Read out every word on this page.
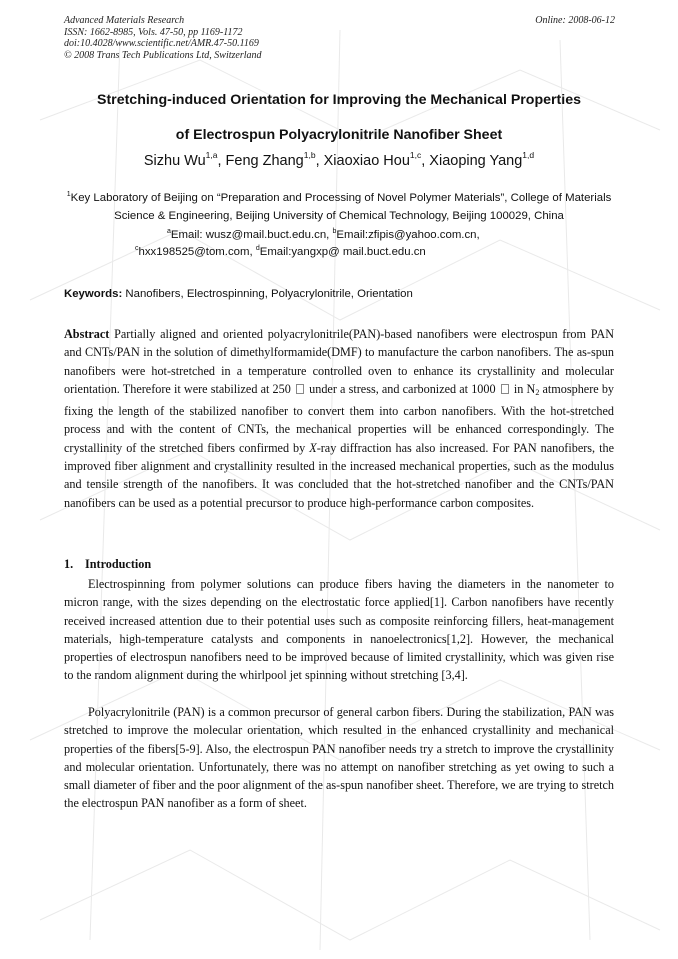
Advanced Materials Research
ISSN: 1662-8985, Vols. 47-50, pp 1169-1172
doi:10.4028/www.scientific.net/AMR.47-50.1169
© 2008 Trans Tech Publications Ltd, Switzerland
Online: 2008-06-12
Stretching-induced Orientation for Improving the Mechanical Properties
of Electrospun Polyacrylonitrile Nanofiber Sheet
Sizhu Wu$^{1,a}$, Feng Zhang$^{1,b}$, Xiaoxiao Hou$^{1,c}$, Xiaoping Yang$^{1,d}$
$^1$Key Laboratory of Beijing on “Preparation and Processing of Novel Polymer Materials”, College of Materials Science & Engineering, Beijing University of Chemical Technology, Beijing 100029, China
$^a$Email: wusz@mail.buct.edu.cn, $^b$Email:zfipis@yahoo.com.cn,
$^c$hxx198525@tom.com, $^d$Email:yangxp@ mail.buct.edu.cn
Keywords: Nanofibers, Electrospinning, Polyacrylonitrile, Orientation

Abstract Partially aligned and oriented polyacrylonitrile(PAN)-based nanofibers were electrospun from PAN and CNTs/PAN in the solution of dimethylformamide(DMF) to manufacture the carbon nanofibers. The as-spun nanofibers were hot-stretched in a temperature controlled oven to enhance its crystallinity and molecular orientation. Therefore it were stabilized at 250 under a stress, and carbonized at 1000 in $N_2$ atmosphere by fixing the length of the stabilized nanofiber to convert them into carbon nanofibers. With the hot-stretched process and with the content of CNTs, the mechanical properties will be enhanced correspondingly. The crystallinity of the stretched fibers confirmed by X-ray diffraction has also increased. For PAN nanofibers, the improved fiber alignment and crystallinity resulted in the increased mechanical properties, such as the modulus and tensile strength of the nanofibers. It was concluded that the hot-stretched nanofiber and the CNTs/PAN nanofibers can be used as a potential precursor to produce high-performance carbon composites.

1. Introduction

Electrospinning from polymer solutions can produce fibers having the diameters in the nanometer to micron range, with the sizes depending on the electrostatic force applied[1]. Carbon nanofibers have recently received increased attention due to their potential uses such as composite reinforcing fillers, heat-management materials, high-temperature catalysts and components in nanoelectronics[1,2]. However, the mechanical properties of electrospun nanofibers need to be improved because of limited crystallinity, which was given rise to the random alignment during the whirlpool jet spinning without stretching [3,4].

Polyacrylonitrile (PAN) is a common precursor of general carbon fibers. During the stabilization, PAN was stretched to improve the molecular orientation, which resulted in the enhanced crystallinity and mechanical properties of the fibers[5-9]. Also, the electrospun PAN nanofiber needs try a stretch to improve the crystallinity and molecular orientation. Unfortunately, there was no attempt on nanofiber stretching as yet owing to such a small diameter of fiber and the poor alignment of the as-spun nanofiber sheet. Therefore, we are trying to stretch the electrospun PAN nanofiber as a form of sheet.
